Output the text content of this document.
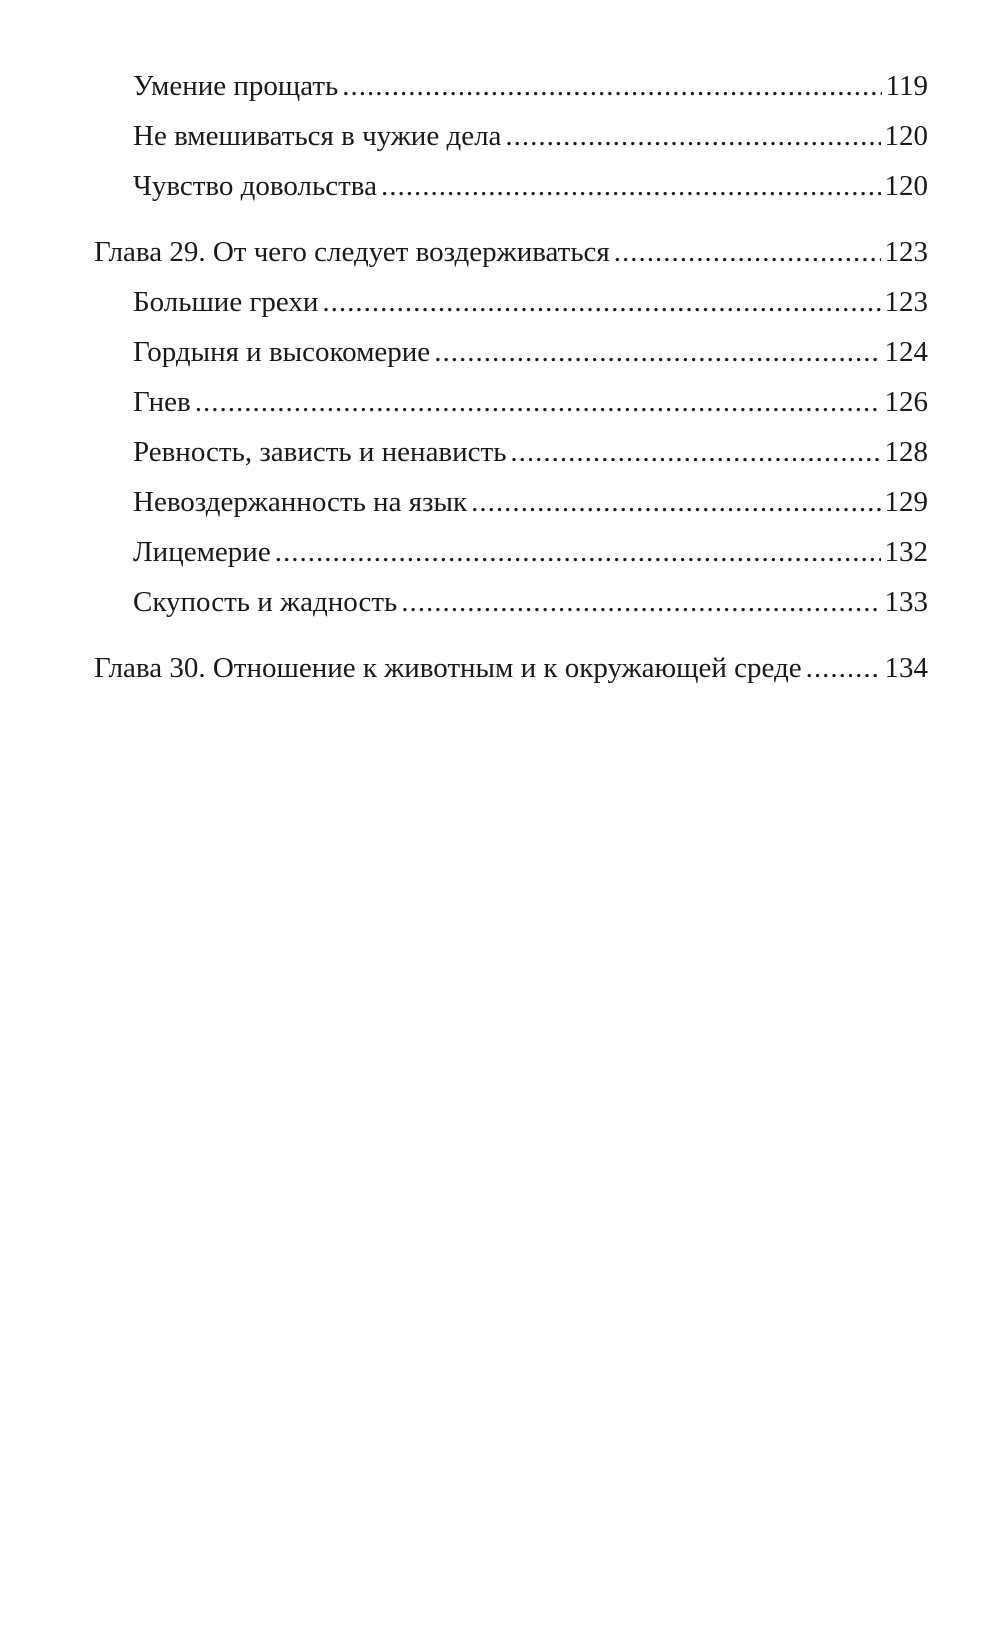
Умение прощать .....	119
Не вмешиваться в чужие дела .....	120
Чувство довольства .....	120
Глава 29. От чего следует воздерживаться .....	123
Большие грехи .....	123
Гордыня и высокомерие .....	124
Гнев .....	126
Ревность, зависть и ненависть .....	128
Невоздержанность на язык .....	129
Лицемерие .....	132
Скупость и жадность .....	133
Глава 30. Отношение к животным и к окружающей среде .....	134
